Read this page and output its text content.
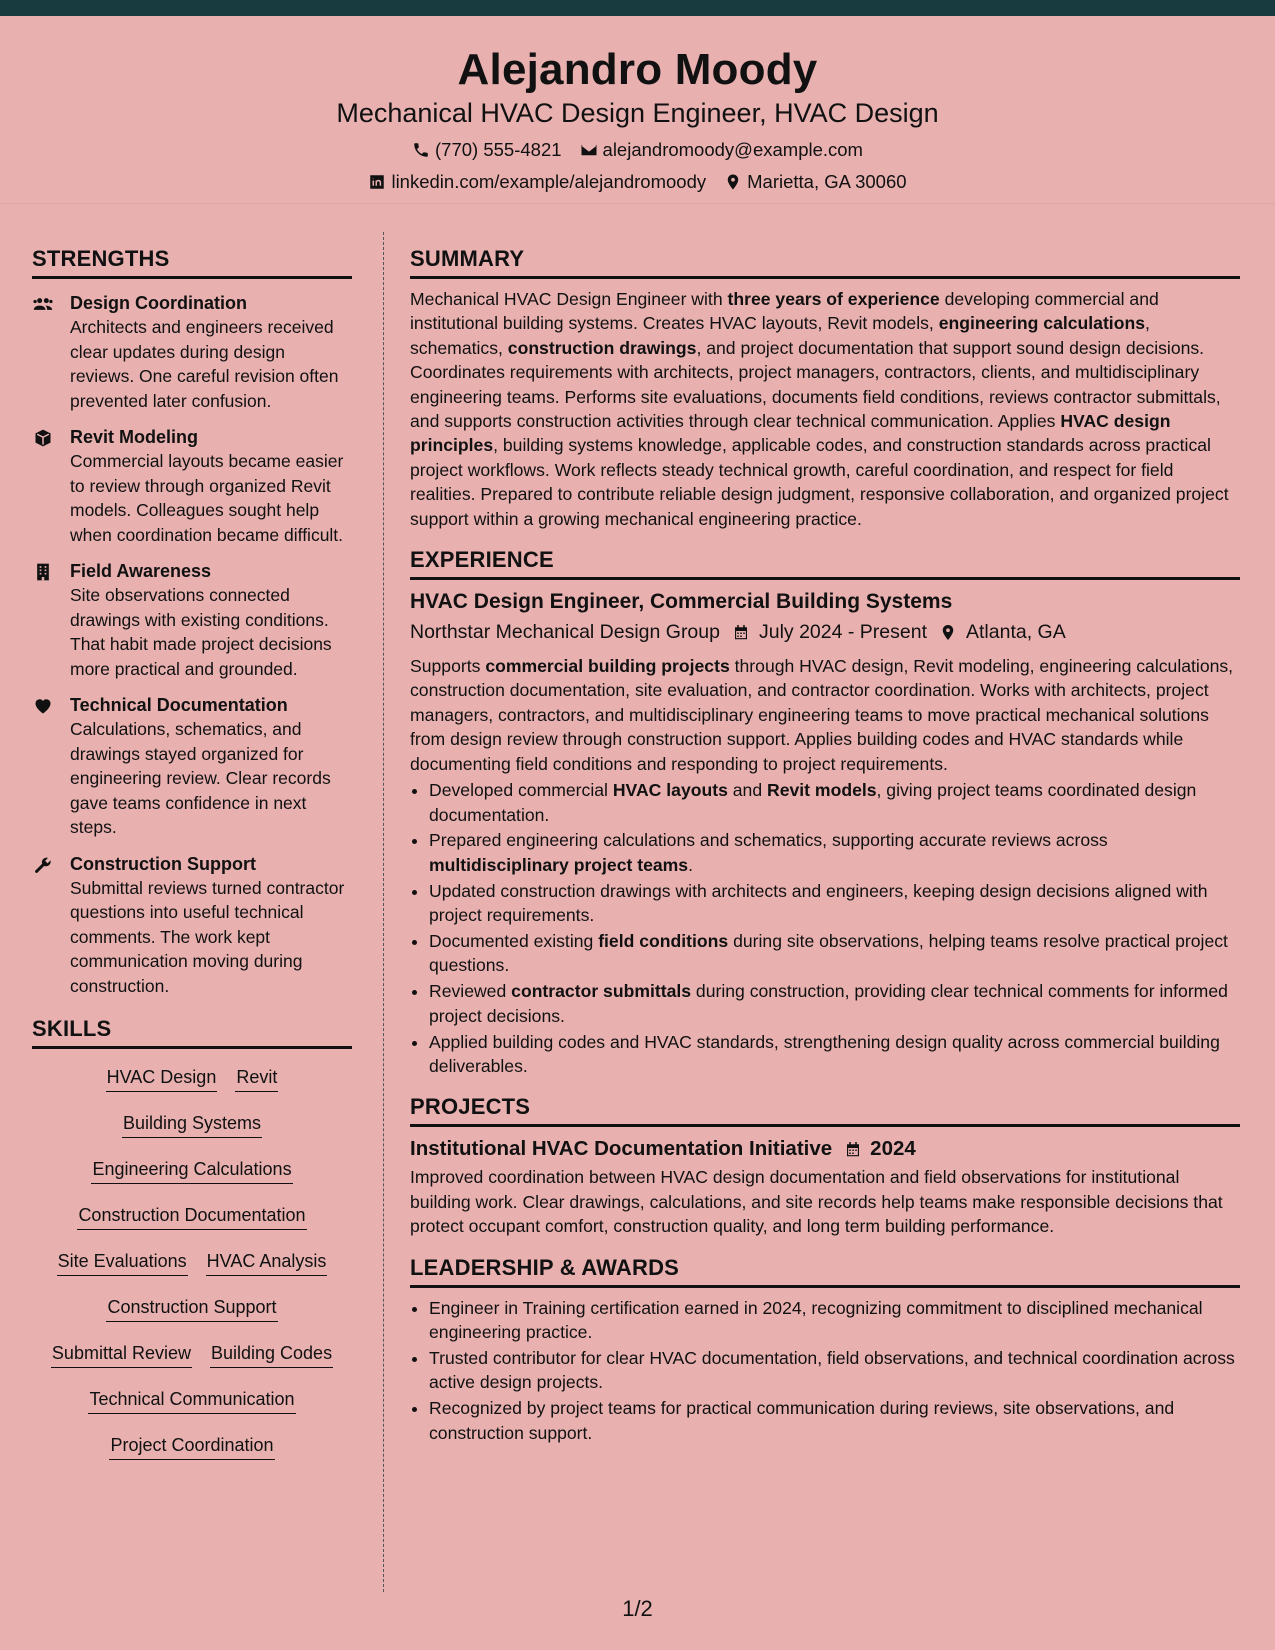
Alejandro Moody
Mechanical HVAC Design Engineer, HVAC Design
(770) 555-4821 alejandromoody@example.com
linkedin.com/example/alejandromoody Marietta, GA 30060
STRENGTHS
Design Coordination
Architects and engineers received clear updates during design reviews. One careful revision often prevented later confusion.
Revit Modeling
Commercial layouts became easier to review through organized Revit models. Colleagues sought help when coordination became difficult.
Field Awareness
Site observations connected drawings with existing conditions. That habit made project decisions more practical and grounded.
Technical Documentation
Calculations, schematics, and drawings stayed organized for engineering review. Clear records gave teams confidence in next steps.
Construction Support
Submittal reviews turned contractor questions into useful technical comments. The work kept communication moving during construction.
SKILLS
HVAC Design Revit
Building Systems
Engineering Calculations
Construction Documentation
Site Evaluations HVAC Analysis
Construction Support
Submittal Review Building Codes
Technical Communication
Project Coordination
SUMMARY
Mechanical HVAC Design Engineer with three years of experience developing commercial and institutional building systems. Creates HVAC layouts, Revit models, engineering calculations, schematics, construction drawings, and project documentation that support sound design decisions. Coordinates requirements with architects, project managers, contractors, clients, and multidisciplinary engineering teams. Performs site evaluations, documents field conditions, reviews contractor submittals, and supports construction activities through clear technical communication. Applies HVAC design principles, building systems knowledge, applicable codes, and construction standards across practical project workflows. Work reflects steady technical growth, careful coordination, and respect for field realities. Prepared to contribute reliable design judgment, responsive collaboration, and organized project support within a growing mechanical engineering practice.
EXPERIENCE
HVAC Design Engineer, Commercial Building Systems
Northstar Mechanical Design Group July 2024 - Present Atlanta, GA
Supports commercial building projects through HVAC design, Revit modeling, engineering calculations, construction documentation, site evaluation, and contractor coordination. Works with architects, project managers, contractors, and multidisciplinary engineering teams to move practical mechanical solutions from design review through construction support. Applies building codes and HVAC standards while documenting field conditions and responding to project requirements.
• Developed commercial HVAC layouts and Revit models, giving project teams coordinated design documentation.
• Prepared engineering calculations and schematics, supporting accurate reviews across multidisciplinary project teams.
• Updated construction drawings with architects and engineers, keeping design decisions aligned with project requirements.
• Documented existing field conditions during site observations, helping teams resolve practical project questions.
• Reviewed contractor submittals during construction, providing clear technical comments for informed project decisions.
• Applied building codes and HVAC standards, strengthening design quality across commercial building deliverables.
PROJECTS
Institutional HVAC Documentation Initiative 2024
Improved coordination between HVAC design documentation and field observations for institutional building work. Clear drawings, calculations, and site records help teams make responsible decisions that protect occupant comfort, construction quality, and long term building performance.
LEADERSHIP & AWARDS
• Engineer in Training certification earned in 2024, recognizing commitment to disciplined mechanical engineering practice.
• Trusted contributor for clear HVAC documentation, field observations, and technical coordination across active design projects.
• Recognized by project teams for practical communication during reviews, site observations, and construction support.
1/2
